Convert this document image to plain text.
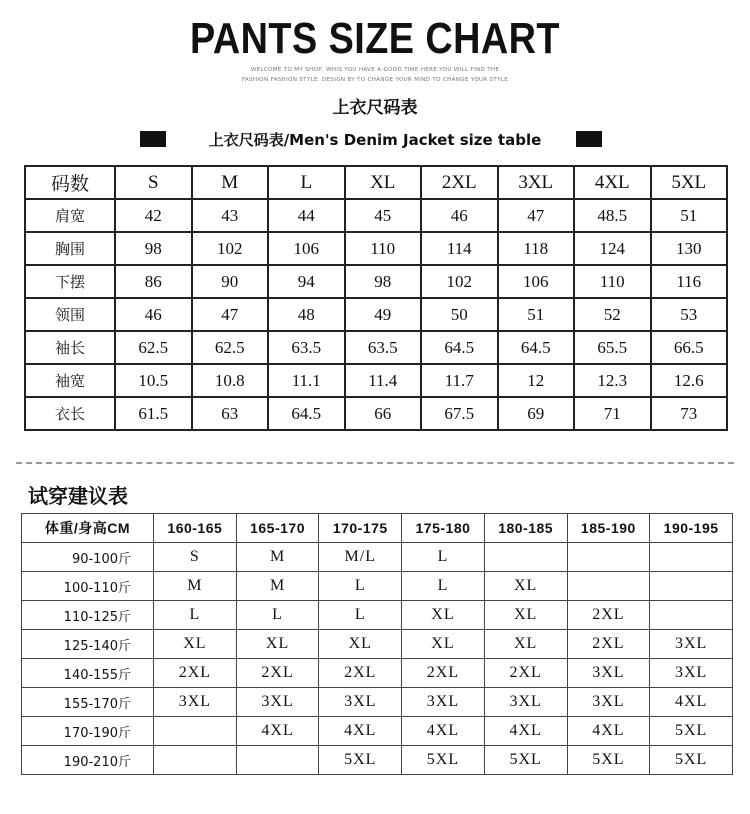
PANTS SIZE CHART
WELCOME TO MY SHOP, WHIS YOU HAVE A GOOD TIME HERE YOU WILL FIND THE
FASHION FASHION STYLE. DESIGN BY TO CHANGE YOUR MIND TO CHANGE YOUR STYLE
上衣尺码表
上衣尺码表/Men's Denim Jacket size table
码数	S	M	L	XL	2XL	3XL	4XL	5XL
肩宽	42	43	44	45	46	47	48.5	51
胸围	98	102	106	110	114	118	124	130
下摆	86	90	94	98	102	106	110	116
领围	46	47	48	49	50	51	52	53
袖长	62.5	62.5	63.5	63.5	64.5	64.5	65.5	66.5
袖宽	10.5	10.8	11.1	11.4	11.7	12	12.3	12.6
衣长	61.5	63	64.5	66	67.5	69	71	73
试穿建议表
体重/身高CM	160-165	165-170	170-175	175-180	180-185	185-190	190-195
90-100斤	S	M	M/L	L			
100-110斤	M	M	L	L	XL		
110-125斤	L	L	L	XL	XL	2XL	
125-140斤	XL	XL	XL	XL	XL	2XL	3XL
140-155斤	2XL	2XL	2XL	2XL	2XL	3XL	3XL
155-170斤	3XL	3XL	3XL	3XL	3XL	3XL	4XL
170-190斤		4XL	4XL	4XL	4XL	4XL	5XL
190-210斤			5XL	5XL	5XL	5XL	5XL
